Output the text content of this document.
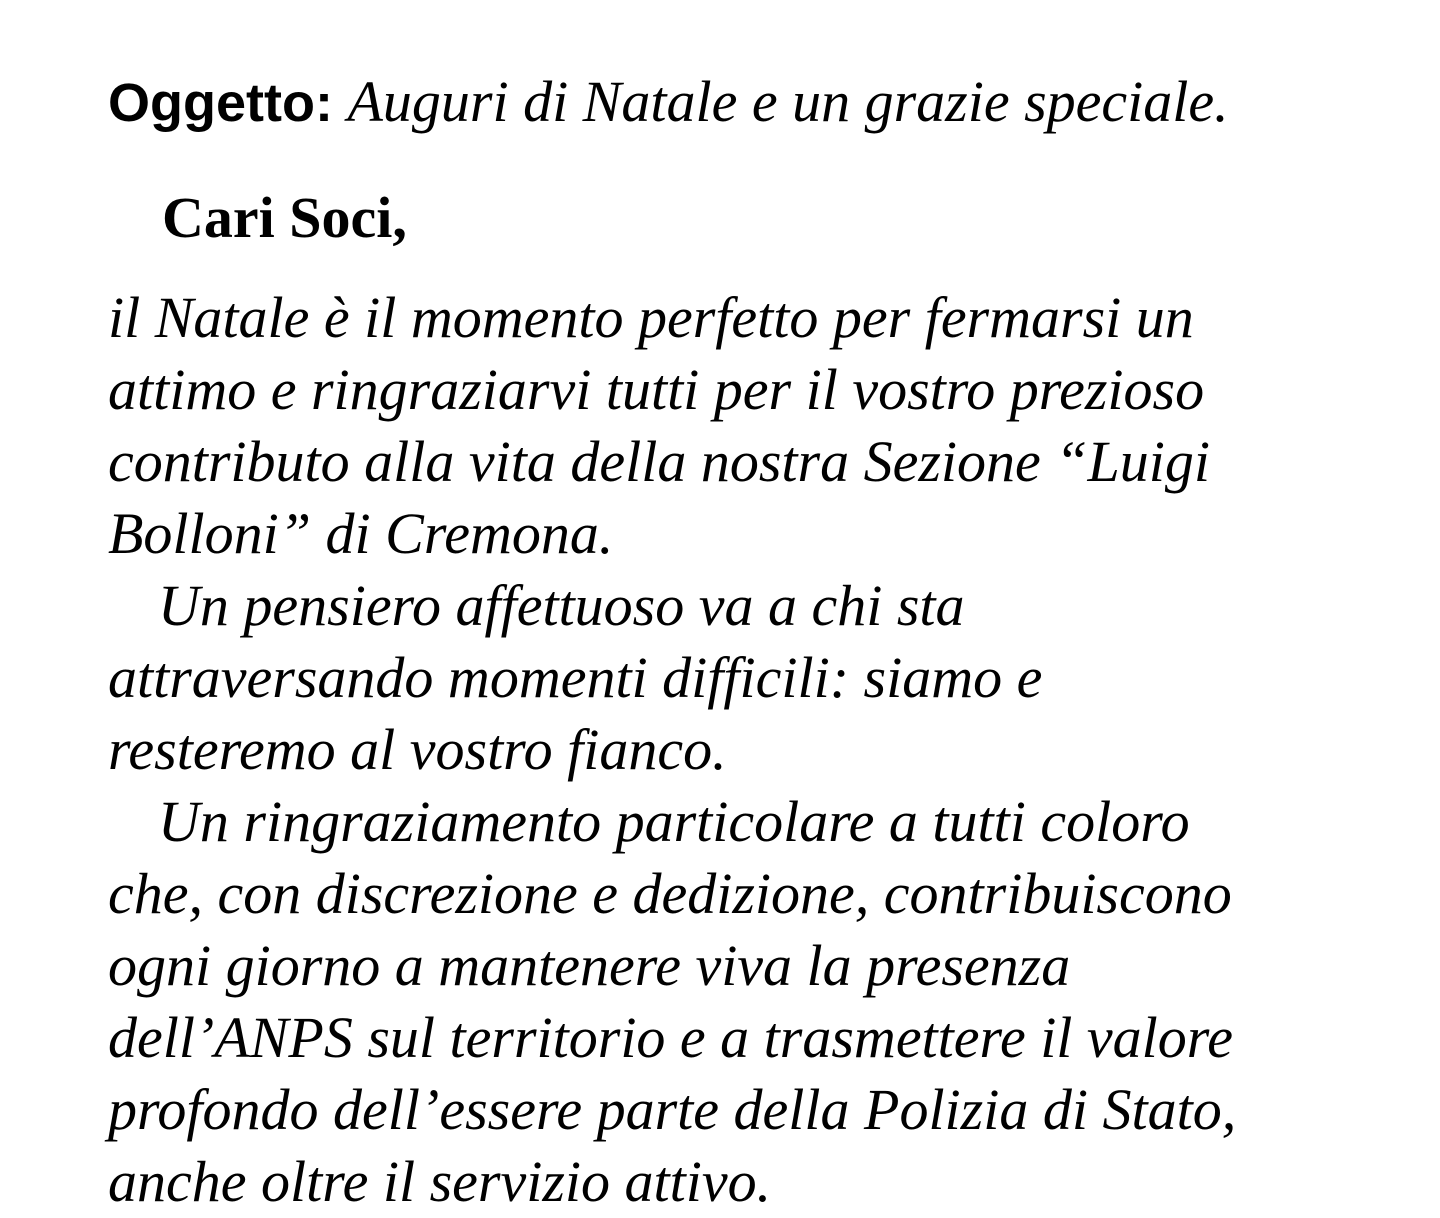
Oggetto: Auguri di Natale e un grazie speciale.

Cari Soci,

il Natale è il momento perfetto per fermarsi un

attimo e ringraziarvi tutti per il vostro prezioso

contributo alla vita della nostra Sezione “Luigi

Bolloni” di Cremona.

Un pensiero affettuoso va a chi sta

attraversando momenti difficili: siamo e

resteremo al vostro fianco.

Un ringraziamento particolare a tutti coloro

che, con discrezione e dedizione, contribuiscono

ogni giorno a mantenere viva la presenza

dell’ANPS sul territorio e a trasmettere il valore

profondo dell’essere parte della Polizia di Stato,

anche oltre il servizio attivo.
